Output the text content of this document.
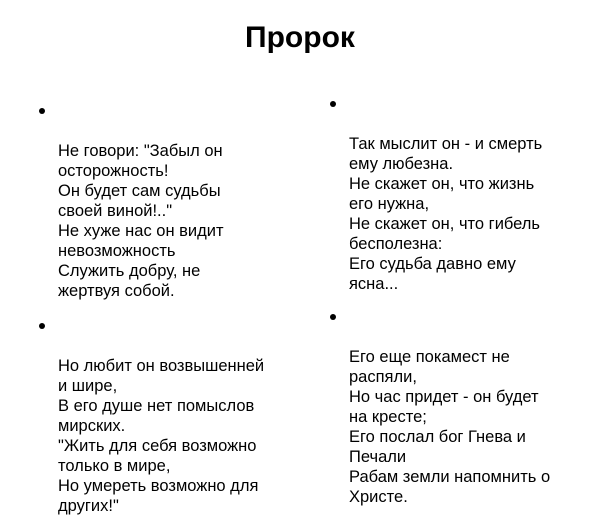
Пророк

Не говори: "Забыл он
осторожность!
Он будет сам судьбы
своей виной!.."
Не хуже нас он видит
невозможность
Служить добру, не
жертвуя собой.

Но любит он возвышенней
и шире,
В его душе нет помыслов
мирских.
"Жить для себя возможно
только в мире,
Но умереть возможно для
других!"

Так мыслит он - и смерть
ему любезна.
Не скажет он, что жизнь
его нужна,
Не скажет он, что гибель
бесполезна:
Его судьба давно ему
ясна...

Его еще покамест не
распяли,
Но час придет - он будет
на кресте;
Его послал бог Гнева и
Печали
Рабам земли напомнить о
Христе.
